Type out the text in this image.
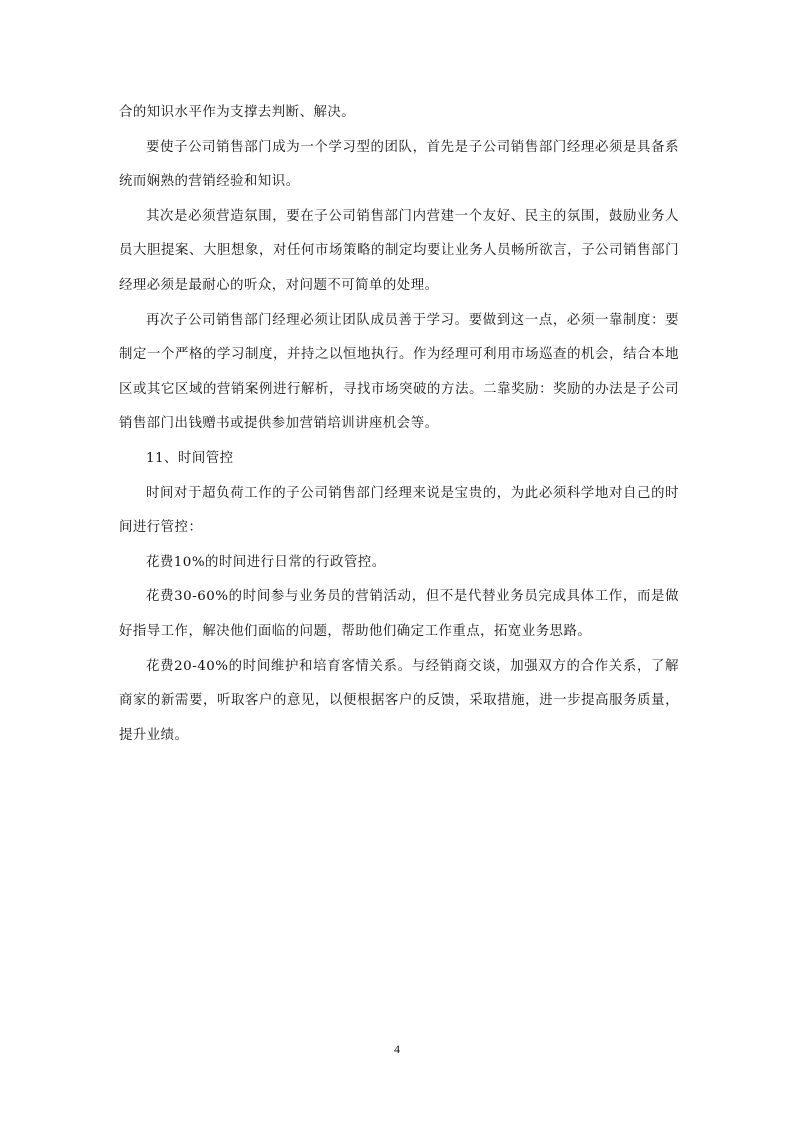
合的知识水平作为支撑去判断、解决。

要使子公司销售部门成为一个学习型的团队，首先是子公司销售部门经理必须是具备系统而娴熟的营销经验和知识。

其次是必须营造氛围，要在子公司销售部门内营建一个友好、民主的氛围，鼓励业务人员大胆提案、大胆想象，对任何市场策略的制定均要让业务人员畅所欲言，子公司销售部门经理必须是最耐心的听众，对问题不可简单的处理。

再次子公司销售部门经理必须让团队成员善于学习。要做到这一点，必须一靠制度：要制定一个严格的学习制度，并持之以恒地执行。作为经理可利用市场巡查的机会，结合本地区或其它区域的营销案例进行解析，寻找市场突破的方法。二靠奖励：奖励的办法是子公司销售部门出钱赠书或提供参加营销培训讲座机会等。

11、时间管控

时间对于超负荷工作的子公司销售部门经理来说是宝贵的，为此必须科学地对自己的时间进行管控：

花费10%的时间进行日常的行政管控。

花费30-60%的时间参与业务员的营销活动，但不是代替业务员完成具体工作，而是做好指导工作，解决他们面临的问题，帮助他们确定工作重点，拓宽业务思路。

花费20-40%的时间维护和培育客情关系。与经销商交谈，加强双方的合作关系，了解商家的新需要，听取客户的意见，以便根据客户的反馈，采取措施，进一步提高服务质量，提升业绩。

4
